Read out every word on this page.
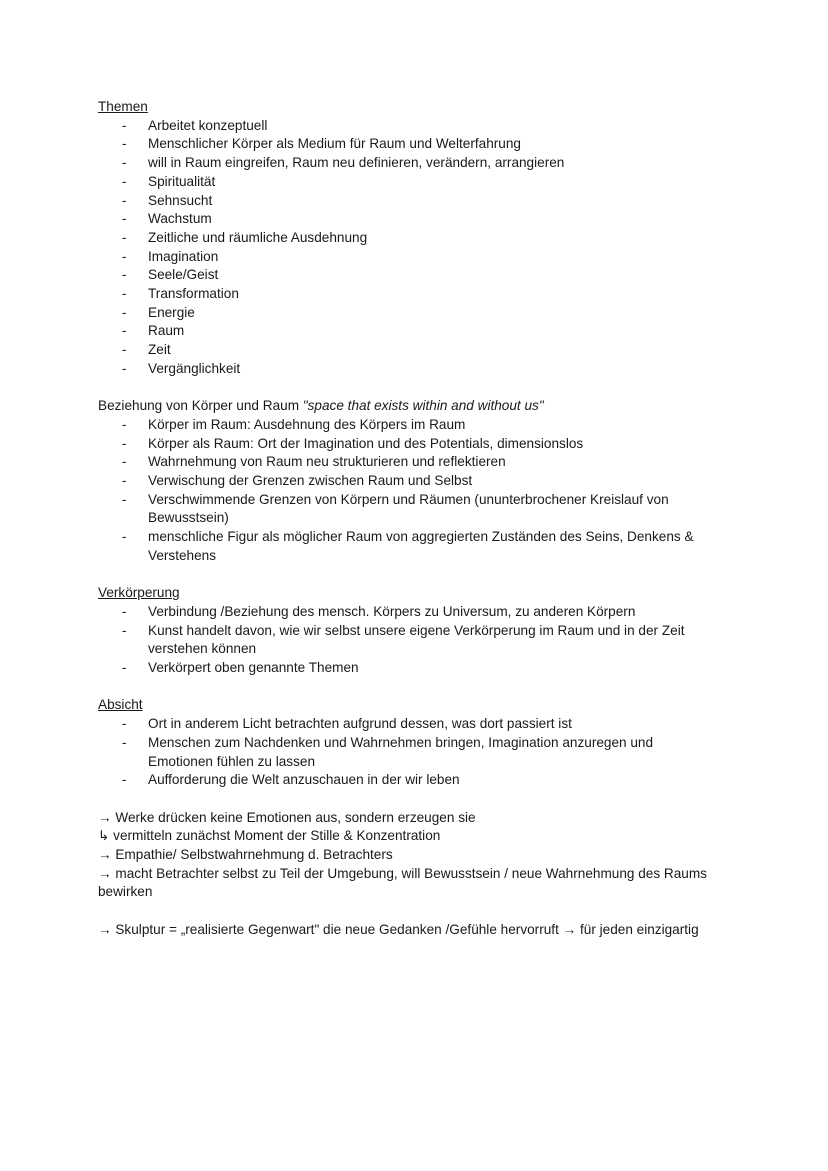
Themen
- Arbeitet konzeptuell
- Menschlicher Körper als Medium für Raum und Welterfahrung
- will in Raum eingreifen, Raum neu definieren, verändern, arrangieren
- Spiritualität
- Sehnsucht
- Wachstum
- Zeitliche und räumliche Ausdehnung
- Imagination
- Seele/Geist
- Transformation
- Energie
- Raum
- Zeit
- Vergänglichkeit
Beziehung von Körper und Raum "space that exists within and without us"
- Körper im Raum: Ausdehnung des Körpers im Raum
- Körper als Raum: Ort der Imagination und des Potentials, dimensionslos
- Wahrnehmung von Raum neu strukturieren und reflektieren
- Verwischung der Grenzen zwischen Raum und Selbst
- Verschwimmende Grenzen von Körpern und Räumen (ununterbrochener Kreislauf von Bewusstsein)
- menschliche Figur als möglicher Raum von aggregierten Zuständen des Seins, Denkens & Verstehens
Verkörperung
- Verbindung /Beziehung des mensch. Körpers zu Universum, zu anderen Körpern
- Kunst handelt davon, wie wir selbst unsere eigene Verkörperung im Raum und in der Zeit verstehen können
- Verkörpert oben genannte Themen
Absicht
- Ort in anderem Licht betrachten aufgrund dessen, was dort passiert ist
- Menschen zum Nachdenken und Wahrnehmen bringen, Imagination anzuregen und Emotionen fühlen zu lassen
- Aufforderung die Welt anzuschauen in der wir leben
→ Werke drücken keine Emotionen aus, sondern erzeugen sie
↳ vermitteln zunächst Moment der Stille & Konzentration
→ Empathie/ Selbstwahrnehmung d. Betrachters
→ macht Betrachter selbst zu Teil der Umgebung, will Bewusstsein / neue Wahrnehmung des Raums bewirken
→ Skulptur = „realisierte Gegenwart" die neue Gedanken /Gefühle hervorruft → für jeden einzigartig
